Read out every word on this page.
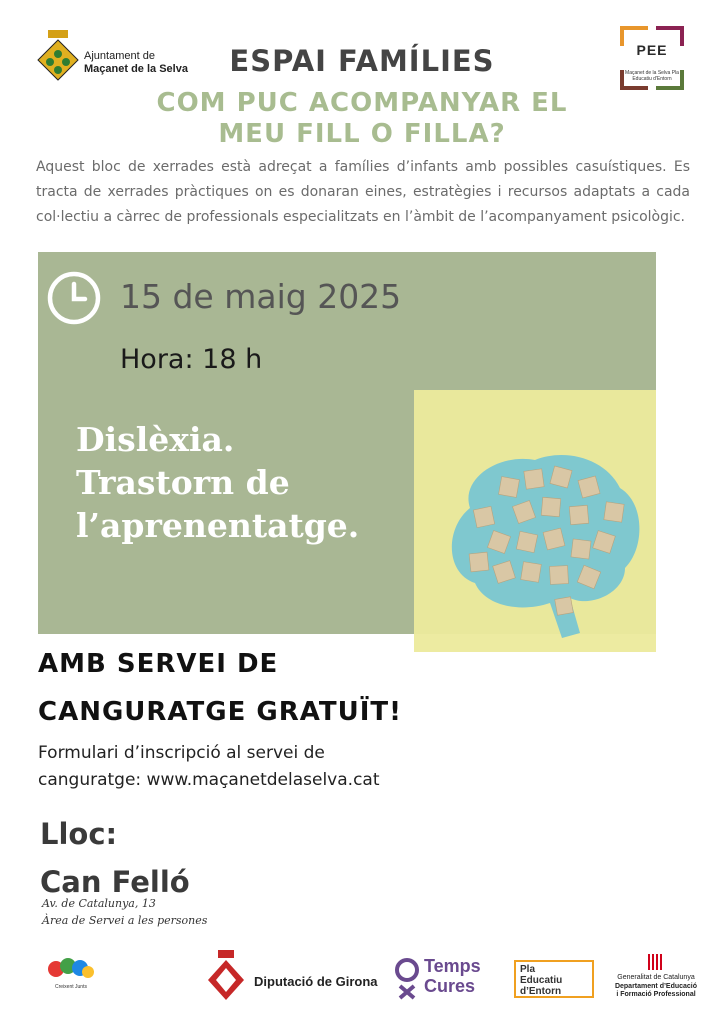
Ajuntament de
Maçanet de la Selva	ESPAI FAMÍLIES
COM PUC ACOMPANYAR EL
MEU FILL O FILLA?
PEE
Maçanet de la Selva Pla Educatiu d'Entorn

Aquest bloc de xerrades està adreçat a famílies d’infants amb possibles casuístiques. Es tracta de xerrades pràctiques on es donaran eines, estratègies i recursos adaptats a cada col·lectiu a càrrec de professionals especialitzats en l’àmbit de l’acompanyament psicològic.

15 de maig 2025
Hora: 18 h
Dislèxia.
Trastorn de
l’aprenentatge.
AMB SERVEI DE
CANGURATGE GRATUÏT!
Formulari d’inscripció al servei de
canguratge: www.maçanetdelaselva.cat
Lloc:
Can Felló
Av. de Catalunya, 13
Àrea de Servei a les persones
Creixent Junts	Diputació de Girona
Temps
Cures
Pla
Educatiu
d’Entorn
Generalitat de Catalunya
Departament d’Educació
i Formació Professional
